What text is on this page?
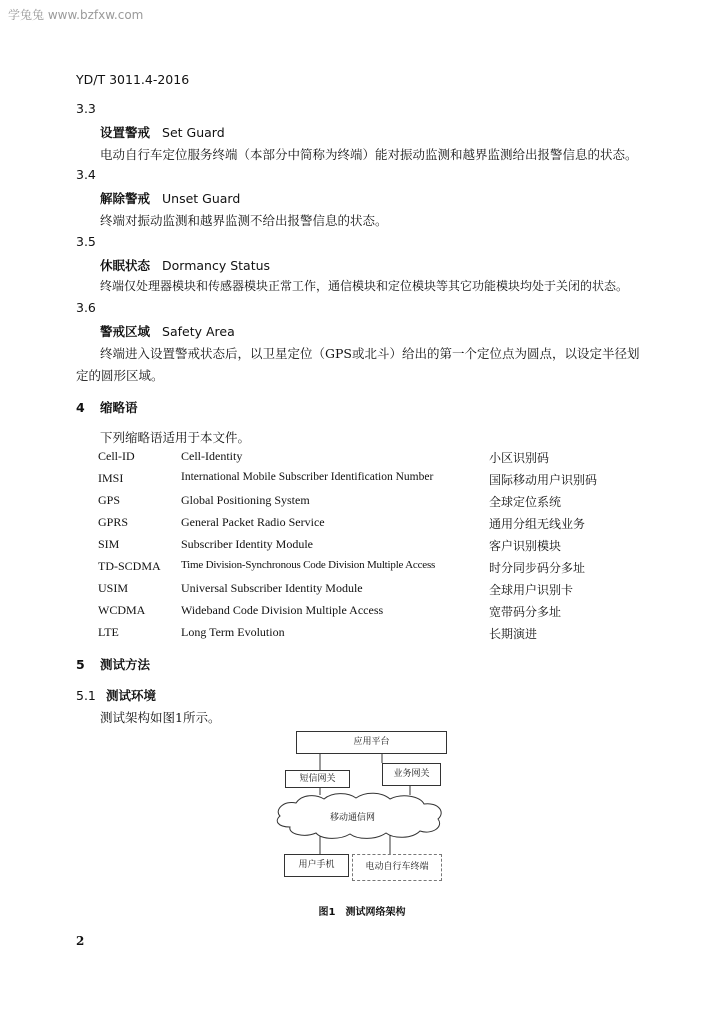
学兔兔 www.bzfxw.com
YD/T 3011.4-2016
3.3
设置警戒 Set Guard
电动自行车定位服务终端（本部分中简称为终端）能对振动监测和越界监测给出报警信息的状态。
3.4
解除警戒 Unset Guard
终端对振动监测和越界监测不给出报警信息的状态。
3.5
休眠状态 Dormancy Status
终端仅处理器模块和传感器模块正常工作，通信模块和定位模块等其它功能模块均处于关闭的状态。
3.6
警戒区域 Safety Area
终端进入设置警戒状态后，以卫星定位（GPS或北斗）给出的第一个定位点为圆点，以设定半径划
定的圆形区域。
4 缩略语
下列缩略语适用于本文件。
Cell-ID	Cell-Identity	小区识别码
IMSI	International Mobile Subscriber Identification Number	国际移动用户识别码
GPS	Global Positioning System	全球定位系统
GPRS	General Packet Radio Service	通用分组无线业务
SIM	Subscriber Identity Module	客户识别模块
TD-SCDMA Time Division-Synchronous Code Division Multiple Access	时分同步码分多址
USIM	Universal Subscriber Identity Module	全球用户识别卡
WCDMA	Wideband Code Division Multiple Access	宽带码分多址
LTE	Long Term Evolution	长期演进
5 测试方法
5.1 测试环境
测试架构如图1所示。
应用平台
短信网关	业务网关
移动通信网
用户手机	电动自行车终端
图1　测试网络架构
2
